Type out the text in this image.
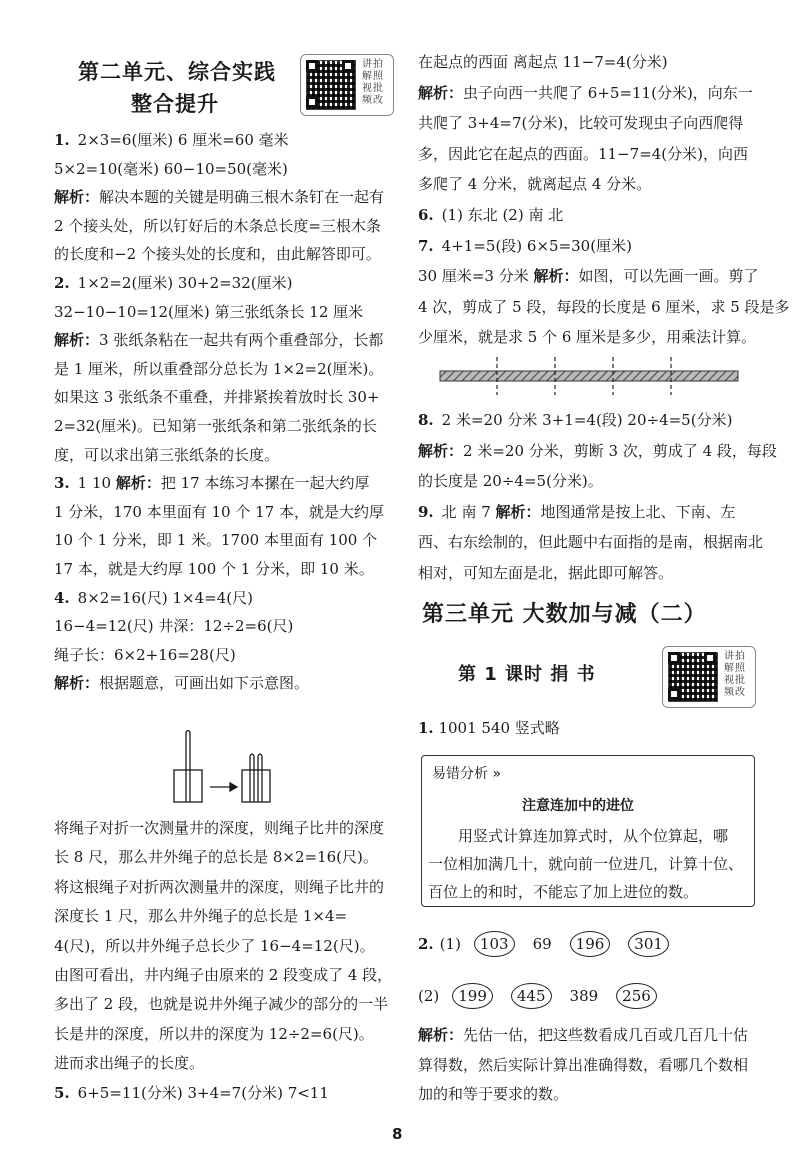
第二单元、综合实践
整合提升
讲拍解照视批频改
1. 2×3=6(厘米) 6 厘米=60 毫米
5×2=10(毫米) 60−10=50(毫米)
解析：解决本题的关键是明确三根木条钉在一起有
2 个接头处，所以钉好后的木条总长度=三根木条
的长度和−2 个接头处的长度和，由此解答即可。
2. 1×2=2(厘米) 30+2=32(厘米)
32−10−10=12(厘米) 第三张纸条长 12 厘米
解析：3 张纸条粘在一起共有两个重叠部分，长都
是 1 厘米，所以重叠部分总长为 1×2=2(厘米)。
如果这 3 张纸条不重叠，并排紧挨着放时长 30+
2=32(厘米)。已知第一张纸条和第二张纸条的长
度，可以求出第三张纸条的长度。
3. 1 10 解析：把 17 本练习本摞在一起大约厚
1 分米，170 本里面有 10 个 17 本，就是大约厚
10 个 1 分米，即 1 米。1700 本里面有 100 个
17 本，就是大约厚 100 个 1 分米，即 10 米。
4. 8×2=16(尺) 1×4=4(尺)
16−4=12(尺) 井深：12÷2=6(尺)
绳子长：6×2+16=28(尺)
解析：根据题意，可画出如下示意图。
将绳子对折一次测量井的深度，则绳子比井的深度
长 8 尺，那么井外绳子的总长是 8×2=16(尺)。
将这根绳子对折两次测量井的深度，则绳子比井的
深度长 1 尺，那么井外绳子的总长是 1×4=
4(尺)，所以井外绳子总长少了 16−4=12(尺)。
由图可看出，井内绳子由原来的 2 段变成了 4 段，
多出了 2 段，也就是说井外绳子减少的部分的一半
长是井的深度，所以井的深度为 12÷2=6(尺)。
进而求出绳子的长度。
5. 6+5=11(分米) 3+4=7(分米) 7<11
在起点的西面 离起点 11−7=4(分米)
解析：虫子向西一共爬了 6+5=11(分米)，向东一
共爬了 3+4=7(分米)，比较可发现虫子向西爬得
多，因此它在起点的西面。11−7=4(分米)，向西
多爬了 4 分米，就离起点 4 分米。
6. (1) 东北 (2) 南 北
7. 4+1=5(段) 6×5=30(厘米)
30 厘米=3 分米 解析：如图，可以先画一画。剪了
4 次，剪成了 5 段，每段的长度是 6 厘米，求 5 段是多
少厘米，就是求 5 个 6 厘米是多少，用乘法计算。
8. 2 米=20 分米 3+1=4(段) 20÷4=5(分米)
解析：2 米=20 分米，剪断 3 次，剪成了 4 段，每段
的长度是 20÷4=5(分米)。
9. 北 南 7 解析：地图通常是按上北、下南、左
西、右东绘制的，但此题中右面指的是南，根据南北
相对，可知左面是北，据此即可解答。
第三单元 大数加与减（二）
第 1 课时 捐 书
讲拍解照视批频改
1. 1001 540 竖式略
易错分析 »
注意连加中的进位
用竖式计算连加算式时，从个位算起，哪
一位相加满几十，就向前一位进几，计算十位、
百位上的和时，不能忘了加上进位的数。
2. (1) 103 69 196 301
(2) 199 445 389 256
解析：先估一估，把这些数看成几百或几百几十估
算得数，然后实际计算出准确得数，看哪几个数相
加的和等于要求的数。
8
